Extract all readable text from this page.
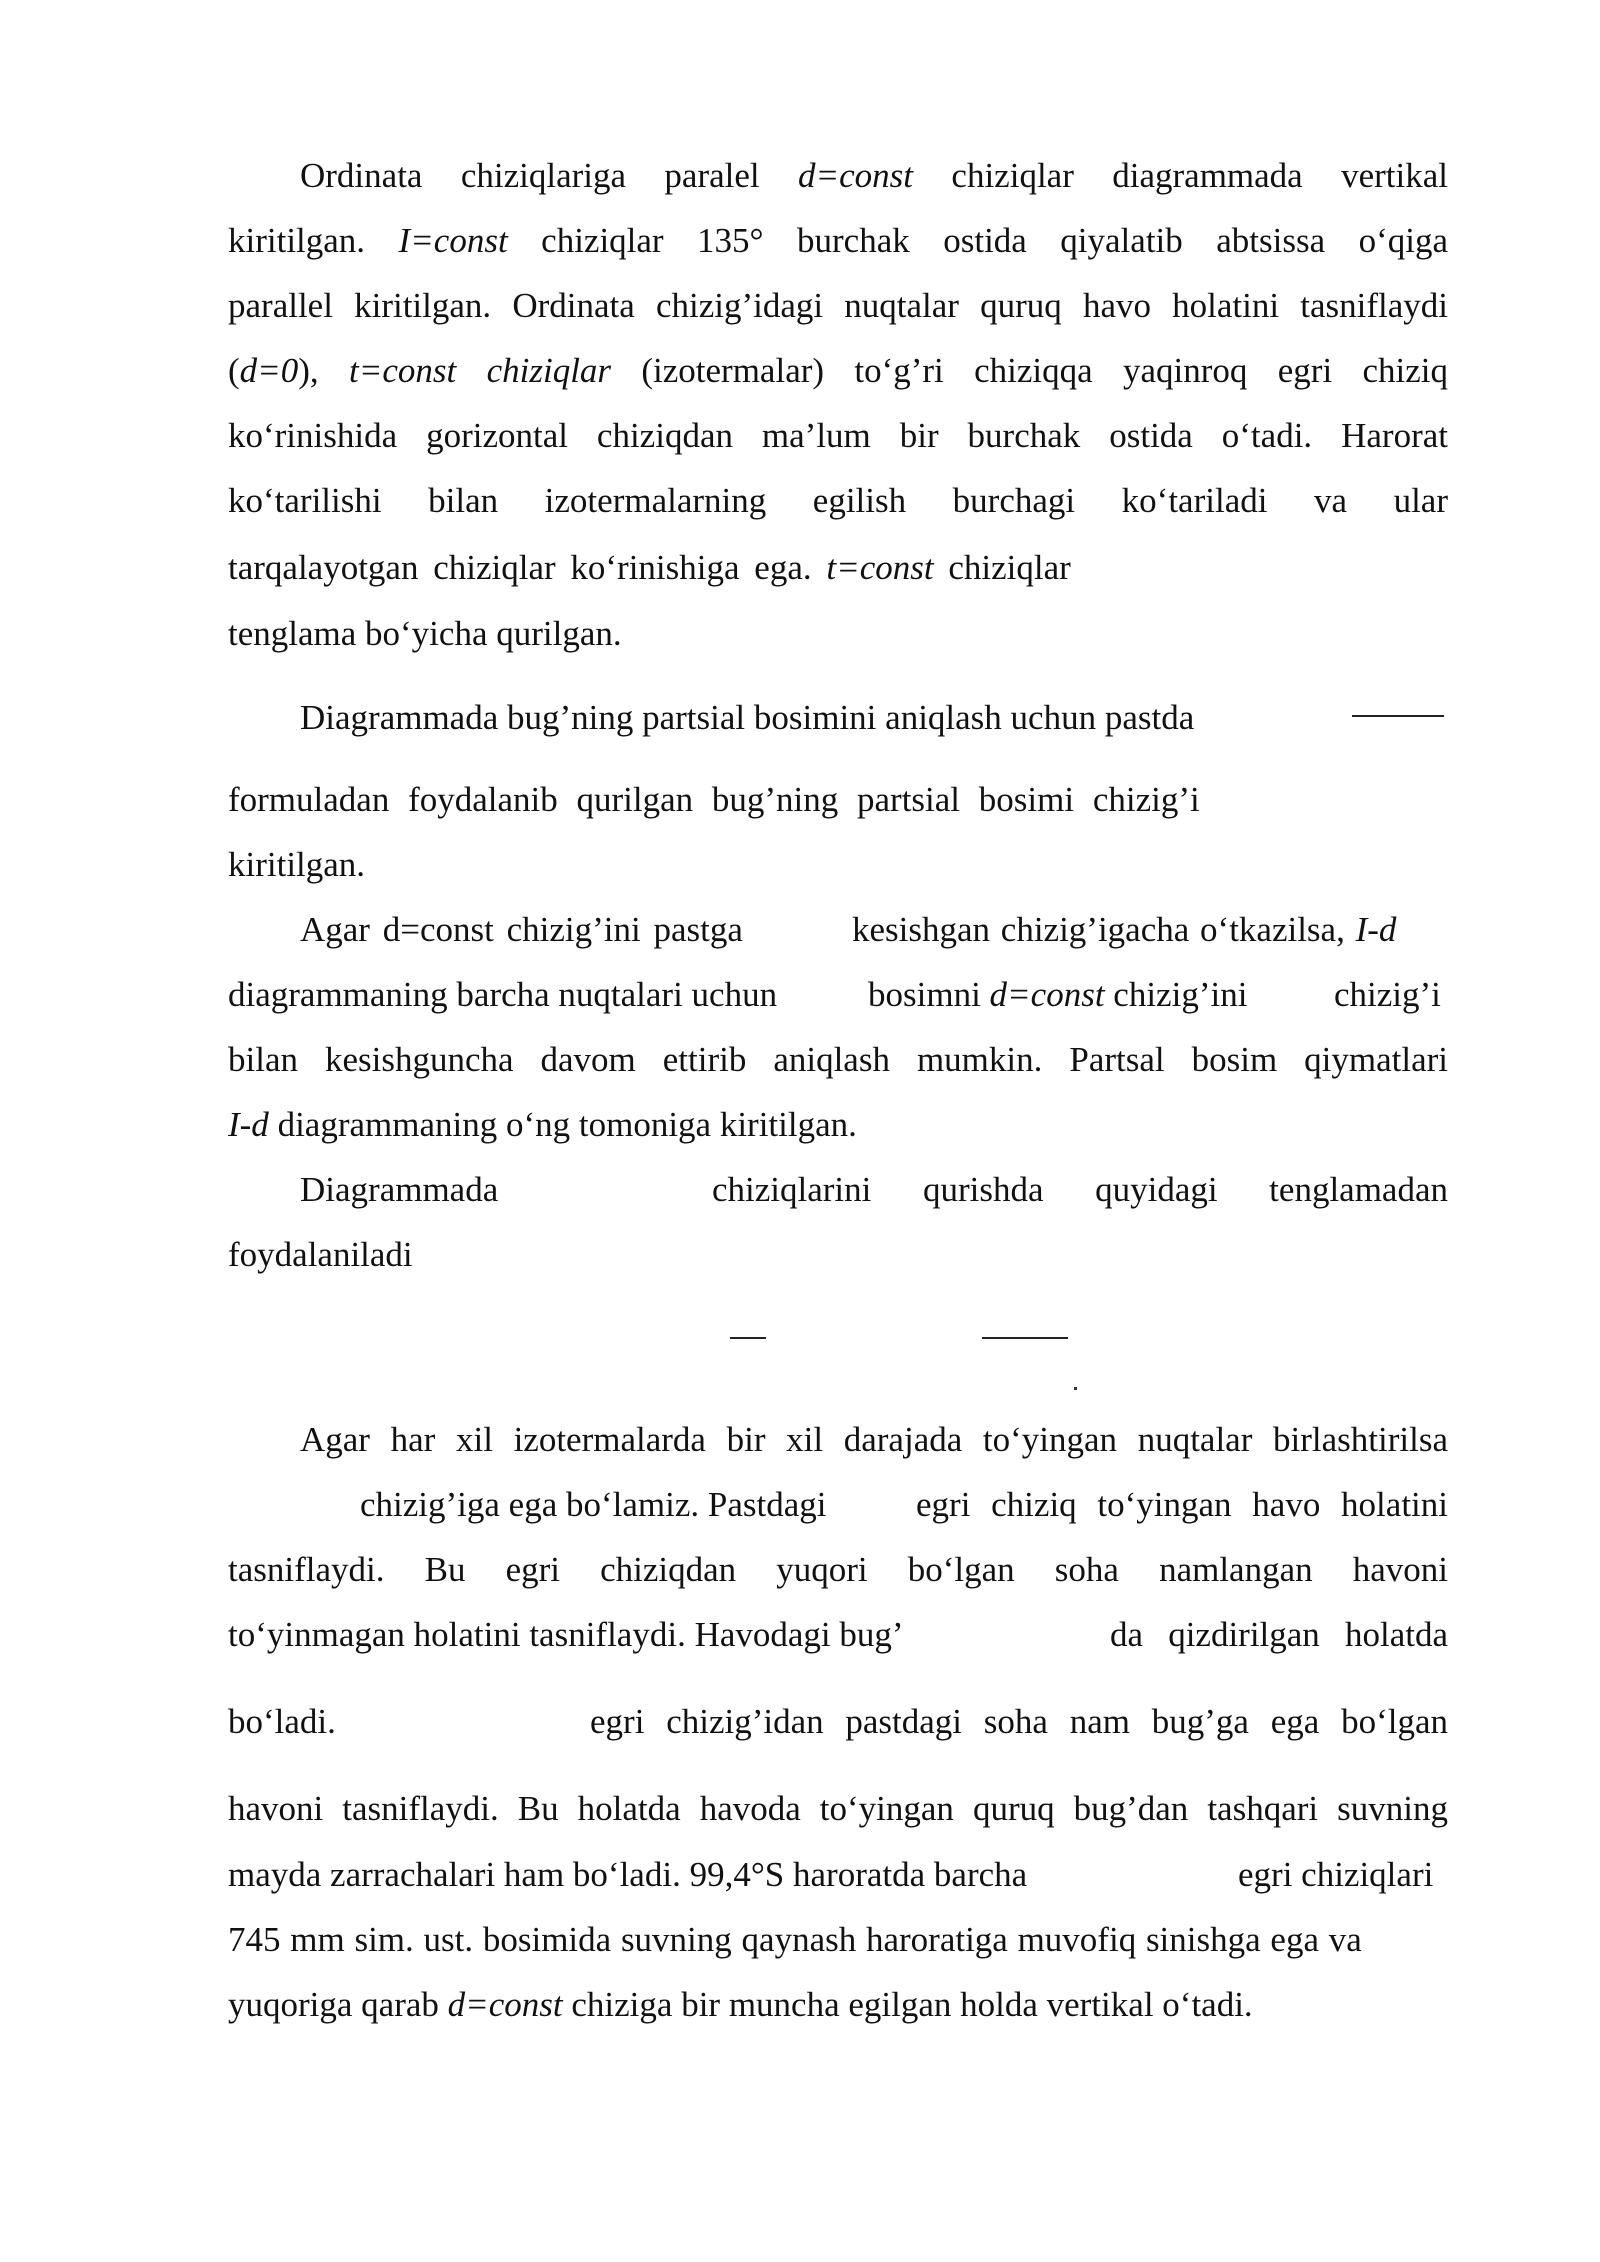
Ordinata chiziqlariga paralel d=const chiziqlar diagrammada vertikal
kiritilgan. I=const chiziqlar 135° burchak ostida qiyalatib abtsissa o‘qiga
parallel kiritilgan. Ordinata chizig’idagi nuqtalar quruq havo holatini tasniflaydi
(d=0), t=const chiziqlar (izotermalar) to‘g’ri chiziqqa yaqinroq egri chiziq
ko‘rinishida gorizontal chiziqdan ma’lum bir burchak ostida o‘tadi. Harorat
ko‘tarilishi bilan izotermalarning egilish burchagi ko‘tariladi va ular
tarqalayotgan chiziqlar ko‘rinishiga ega. t=const chiziqlar
tenglama bo‘yicha qurilgan.
Diagrammada bug’ning partsial bosimini aniqlash uchun pastda
formuladan foydalanib qurilgan bug’ning partsial bosimi chizig’i
kiritilgan.
Agar d=const chizig’ini pastga	kesishgan chizig’igacha o‘tkazilsa, I-d
diagrammaning barcha nuqtalari uchun	bosimni d=const chizig’ini	chizig’i
bilan kesishguncha davom ettirib aniqlash mumkin. Partsal bosim qiymatlari
I-d diagrammaning o‘ng tomoniga kiritilgan.
Diagrammada	chiziqlarini qurishda quyidagi tenglamadan
foydalaniladi
Agar har xil izotermalarda bir xil darajada to‘yingan nuqtalar birlashtirilsa
chizig’iga ega bo‘lamiz. Pastdagi	egri chiziq to‘yingan havo holatini
tasniflaydi. Bu egri chiziqdan yuqori bo‘lgan soha namlangan havoni
to‘yinmagan holatini tasniflaydi. Havodagi bug’	da qizdirilgan holatda
bo‘ladi.	egri chizig’idan pastdagi soha nam bug’ga ega bo‘lgan
havoni tasniflaydi. Bu holatda havoda to‘yingan quruq bug’dan tashqari suvning
mayda zarrachalari ham bo‘ladi. 99,4°S haroratda barcha	egri chiziqlari
745 mm sim. ust. bosimida suvning qaynash haroratiga muvofiq sinishga ega va
yuqoriga qarab d=const chiziga bir muncha egilgan holda vertikal o‘tadi.
